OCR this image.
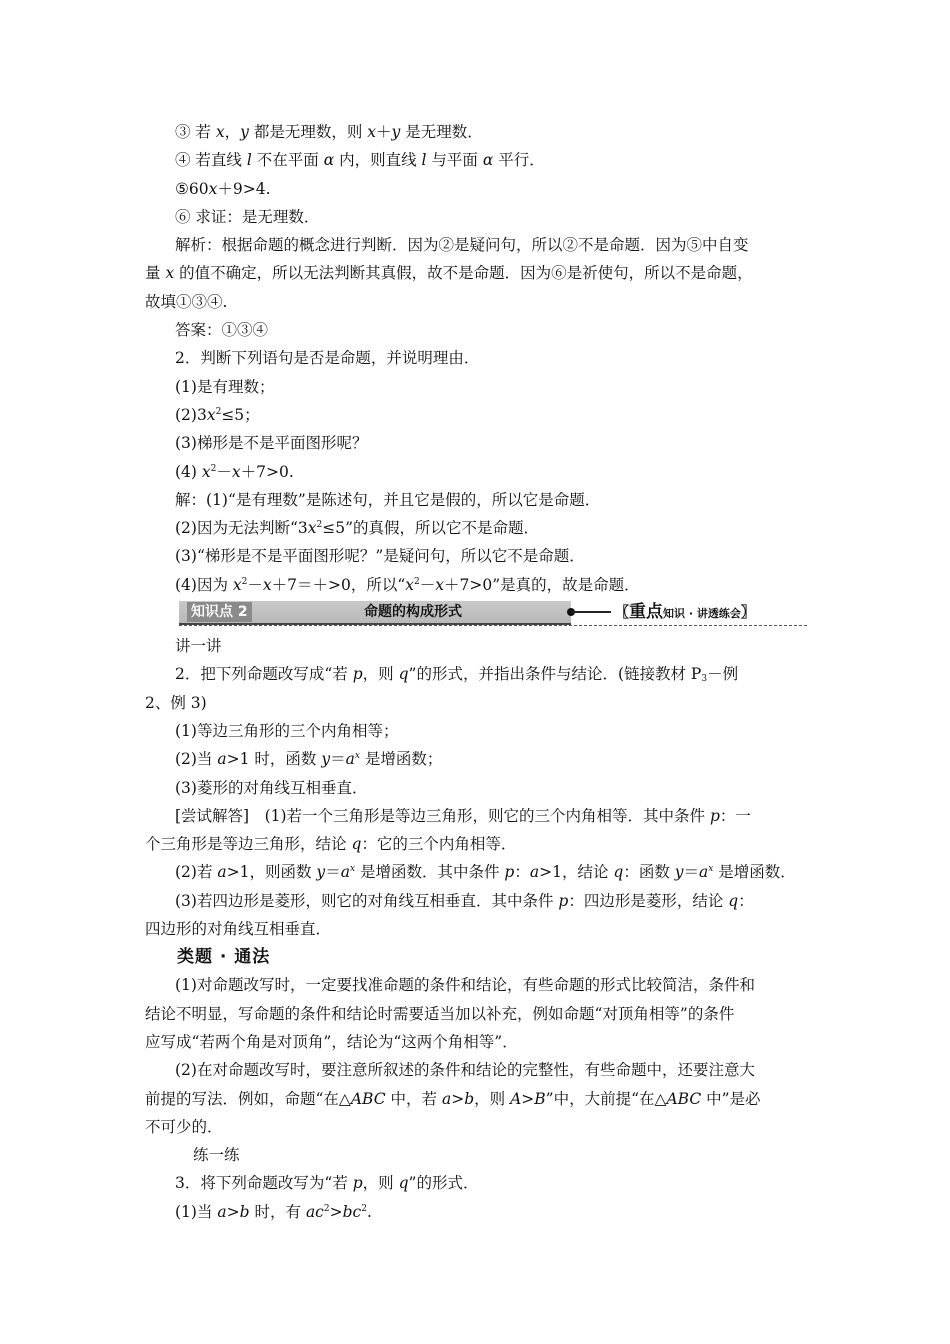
③ 若 x，y 都是无理数，则 x＋y 是无理数．
④ 若直线 l 不在平面 α 内，则直线 l 与平面 α 平行．
⑤60x＋9>4.
⑥ 求证：是无理数．
解析：根据命题的概念进行判断．因为②是疑问句，所以②不是命题．因为⑤中自变
量 x 的值不确定，所以无法判断其真假，故不是命题．因为⑥是祈使句，所以不是命题，
故填①③④.
答案：①③④
2．判断下列语句是否是命题，并说明理由．
(1)是有理数；
$(2)3x^2\le 5$；
(3)梯形是不是平面图形呢？
(4) $x^2-x+7>0$.
解：(1)“是有理数”是陈述句，并且它是假的，所以它是命题．
(2)因为无法判断“$3x^2\le 5$”的真假，所以它不是命题．
(3)“梯形是不是平面图形呢？”是疑问句，所以它不是命题．
(4)因为 $x^2-x+7=+>0$，所以“$x^2-x+7>0$”是真的，故是命题．
知识点 2	命题的构成形式	〖重点知识 · 讲透练会〗
讲一讲
2．把下列命题改写成“若 p，则 q”的形式，并指出条件与结论．(链接教材 $P_3-$例
2、例 3)
(1)等边三角形的三个内角相等；
(2)当 a>1 时，函数 $y=a^x$ 是增函数；
(3)菱形的对角线互相垂直．
[尝试解答]　(1)若一个三角形是等边三角形，则它的三个内角相等．其中条件 p：一
个三角形是等边三角形，结论 q：它的三个内角相等．
(2)若 a>1，则函数 $y=a^x$ 是增函数．其中条件 p：a>1，结论 q：函数 $y=a^x$ 是增函数．
(3)若四边形是菱形，则它的对角线互相垂直．其中条件 p：四边形是菱形，结论 q：
四边形的对角线互相垂直．
类题 · 通法
(1)对命题改写时，一定要找准命题的条件和结论，有些命题的形式比较简洁，条件和
结论不明显，写命题的条件和结论时需要适当加以补充，例如命题“对顶角相等”的条件
应写成“若两个角是对顶角”，结论为“这两个角相等”．
(2)在对命题改写时，要注意所叙述的条件和结论的完整性，有些命题中，还要注意大
前提的写法．例如，命题“在△ABC 中，若 a>b，则 A>B”中，大前提“在△ABC 中”是必
不可少的．
练一练
3．将下列命题改写为“若 p，则 q”的形式．
(1)当 a>b 时，有 $ac^2>bc^2$.
